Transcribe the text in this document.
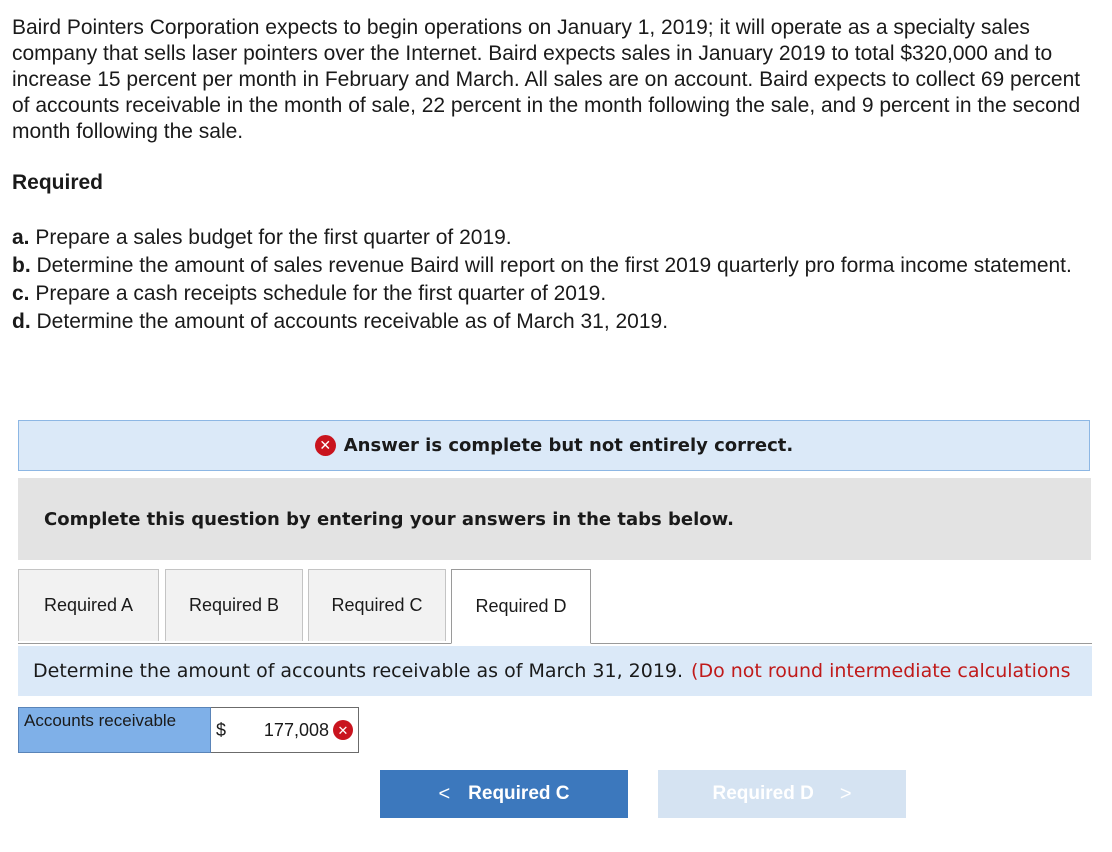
Baird Pointers Corporation expects to begin operations on January 1, 2019; it will operate as a specialty sales company that sells laser pointers over the Internet. Baird expects sales in January 2019 to total $320,000 and to increase 15 percent per month in February and March. All sales are on account. Baird expects to collect 69 percent of accounts receivable in the month of sale, 22 percent in the month following the sale, and 9 percent in the second month following the sale.

Required

a. Prepare a sales budget for the first quarter of 2019.
b. Determine the amount of sales revenue Baird will report on the first 2019 quarterly pro forma income statement.
c. Prepare a cash receipts schedule for the first quarter of 2019.
d. Determine the amount of accounts receivable as of March 31, 2019.
✕ Answer is complete but not entirely correct.
Complete this question by entering your answers in the tabs below.
Required A	Required B	Required C	Required D
Determine the amount of accounts receivable as of March 31, 2019. (Do not round intermediate calculations
Accounts receivable	$	177,008 ✕
< Required C	Required D >
